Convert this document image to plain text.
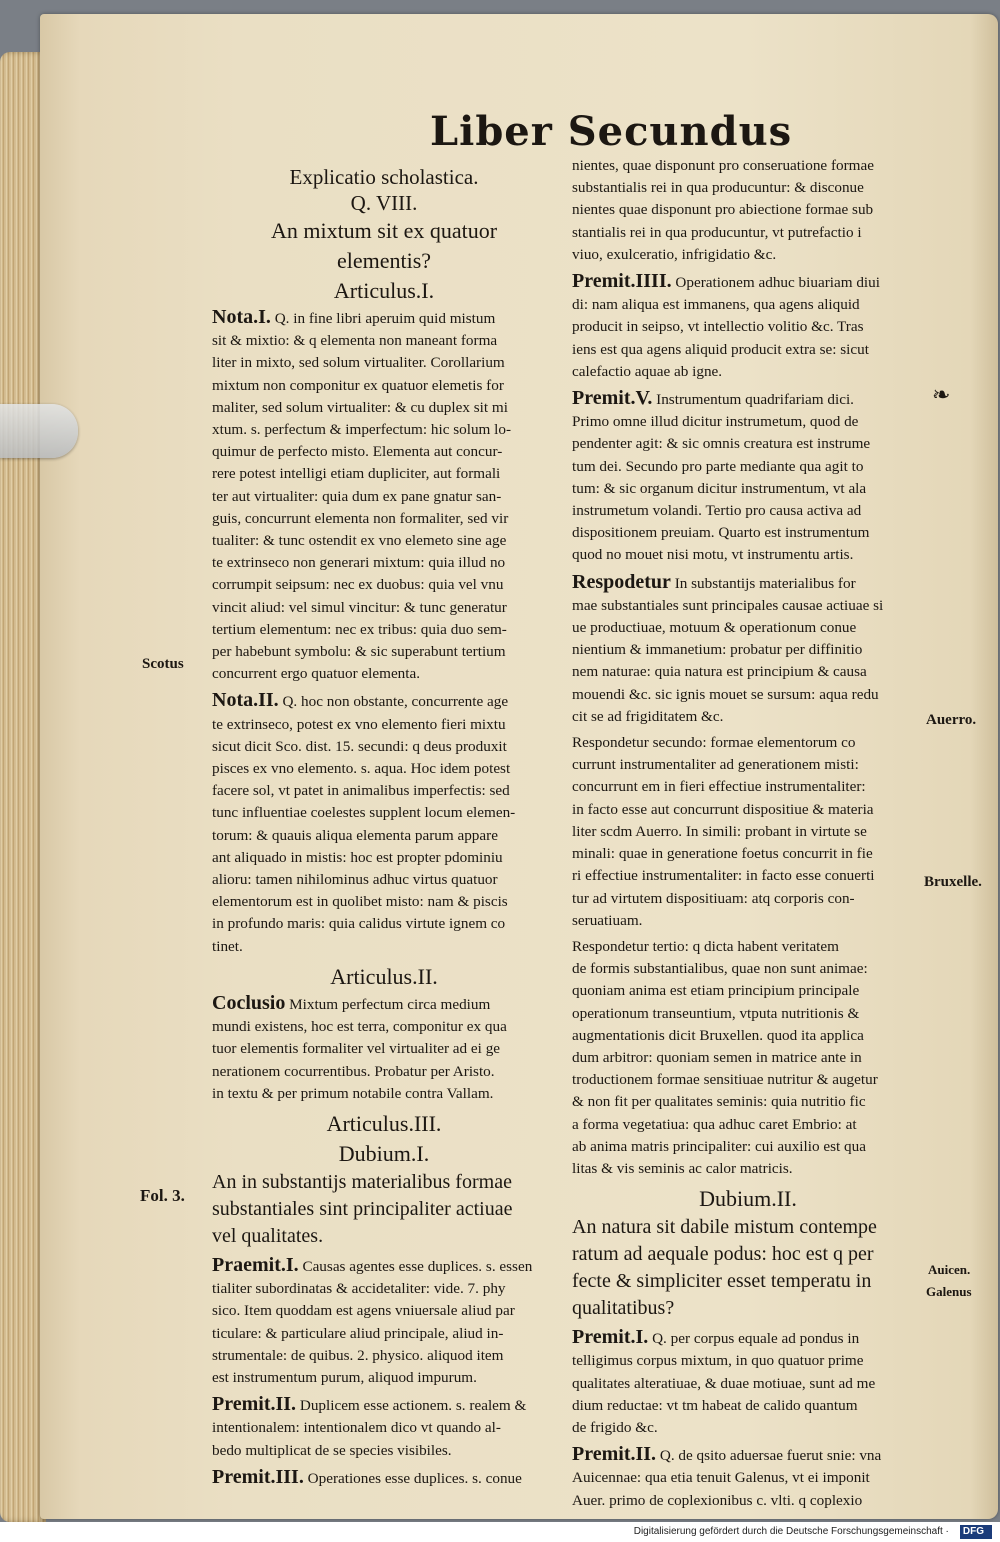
Liber Secundus
Explicatio scholastica.
Q. VIII.
An mixtum sit ex quatuor
elementis?
Articulus.I.
Nota.I. Q. in fine libri aperuim quid mistum
sit & mixtio: & q elementa non maneant forma
liter in mixto, sed solum virtualiter. Corollarium
mixtum non componitur ex quatuor elemetis for
maliter, sed solum virtualiter: & cu duplex sit mi
xtum. s. perfectum & imperfectum: hic solum lo-
quimur de perfecto misto. Elementa aut concur-
rere potest intelligi etiam dupliciter, aut formali
ter aut virtualiter: quia dum ex pane gnatur san-
guis, concurrunt elementa non formaliter, sed vir
tualiter: & tunc ostendit ex vno elemeto sine age
te extrinseco non generari mixtum: quia illud no
corrumpit seipsum: nec ex duobus: quia vel vnu
vincit aliud: vel simul vincitur: & tunc generatur
tertium elementum: nec ex tribus: quia duo sem-
per habebunt symbolu: & sic superabunt tertium
concurrent ergo quatuor elementa.
Nota.II. Q. hoc non obstante, concurrente age
te extrinseco, potest ex vno elemento fieri mixtu
sicut dicit Sco. dist. 15. secundi: q deus produxit
pisces ex vno elemento. s. aqua. Hoc idem potest
facere sol, vt patet in animalibus imperfectis: sed
tunc influentiae coelestes supplent locum elemen-
torum: & quauis aliqua elementa parum appare
ant aliquado in mistis: hoc est propter pdominiu
alioru: tamen nihilominus adhuc virtus quatuor
elementorum est in quolibet misto: nam & piscis
in profundo maris: quia calidus virtute ignem co
tinet.
Articulus.II.
Coclusio Mixtum perfectum circa medium
mundi existens, hoc est terra, componitur ex qua
tuor elementis formaliter vel virtualiter ad ei ge
nerationem cocurrentibus. Probatur per Aristo.
in textu & per primum notabile contra Vallam.
Articulus.III.
Dubium.I.
An in substantijs materialibus formae
substantiales sint principaliter actiuae
vel qualitates.
Praemit.I. Causas agentes esse duplices. s. essen
tialiter subordinatas & accidetaliter: vide. 7. phy
sico. Item quoddam est agens vniuersale aliud par
ticulare: & particulare aliud principale, aliud in-
strumentale: de quibus. 2. physico. aliquod item
est instrumentum purum, aliquod impurum.
Premit.II. Duplicem esse actionem. s. realem &
intentionalem: intentionalem dico vt quando al-
bedo multiplicat de se species visibiles.
Premit.III. Operationes esse duplices. s. conue
nientes, quae disponunt pro conseruatione formae
substantialis rei in qua producuntur: & disconue
nientes quae disponunt pro abiectione formae sub
stantialis rei in qua producuntur, vt putrefactio i
viuo, exulceratio, infrigidatio &c.
Premit.IIII. Operationem adhuc biuariam diui
di: nam aliqua est immanens, qua agens aliquid
producit in seipso, vt intellectio volitio &c. Tras
iens est qua agens aliquid producit extra se: sicut
calefactio aquae ab igne.
Premit.V. Instrumentum quadrifariam dici.
Primo omne illud dicitur instrumetum, quod de
pendenter agit: & sic omnis creatura est instrume
tum dei. Secundo pro parte mediante qua agit to
tum: & sic organum dicitur instrumentum, vt ala
instrumetum volandi. Tertio pro causa activa ad
dispositionem preuiam. Quarto est instrumentum
quod no mouet nisi motu, vt instrumentu artis.
Respodetur In substantijs materialibus for
mae substantiales sunt principales causae actiuae si
ue productiuae, motuum & operationum conue
nientium & immanetium: probatur per diffinitio
nem naturae: quia natura est principium & causa
mouendi &c. sic ignis mouet se sursum: aqua redu
cit se ad frigiditatem &c.
Respondetur secundo: formae elementorum co
currunt instrumentaliter ad generationem misti:
concurrunt em in fieri effectiue instrumentaliter:
in facto esse aut concurrunt dispositiue & materia
liter scdm Auerro. In simili: probant in virtute se
minali: quae in generatione foetus concurrit in fie
ri effectiue instrumentaliter: in facto esse conuerti
tur ad virtutem dispositiuam: atq corporis con-
seruatiuam.
Respondetur tertio: q dicta habent veritatem
de formis substantialibus, quae non sunt animae:
quoniam anima est etiam principium principale
operationum transeuntium, vtputa nutritionis &
augmentationis dicit Bruxellen. quod ita applica
dum arbitror: quoniam semen in matrice ante in
troductionem formae sensitiuae nutritur & augetur
& non fit per qualitates seminis: quia nutritio fic
a forma vegetatiua: qua adhuc caret Embrio: at
ab anima matris principaliter: cui auxilio est qua
litas & vis seminis ac calor matricis.
Dubium.II.
An natura sit dabile mistum contempe
ratum ad aequale podus: hoc est q per
fecte & simpliciter esset temperatu in
qualitatibus?
Premit.I. Q. per corpus equale ad pondus in
telligimus corpus mixtum, in quo quatuor prime
qualitates alteratiuae, & duae motiuae, sunt ad me
dium reductae: vt tm habeat de calido quantum
de frigido &c.
Premit.II. Q. de qsito aduersae fuerut snie: vna
Auicennae: qua etia tenuit Galenus, vt ei imponit
Auer. primo de coplexionibus c. vlti. q coplexio
Scotus
Fol. 3.
Auerro.
Bruxelle.
Auicen.
Galenus
❧
Digitalisierung gefördert durch die Deutsche Forschungsgemeinschaft · DFG
